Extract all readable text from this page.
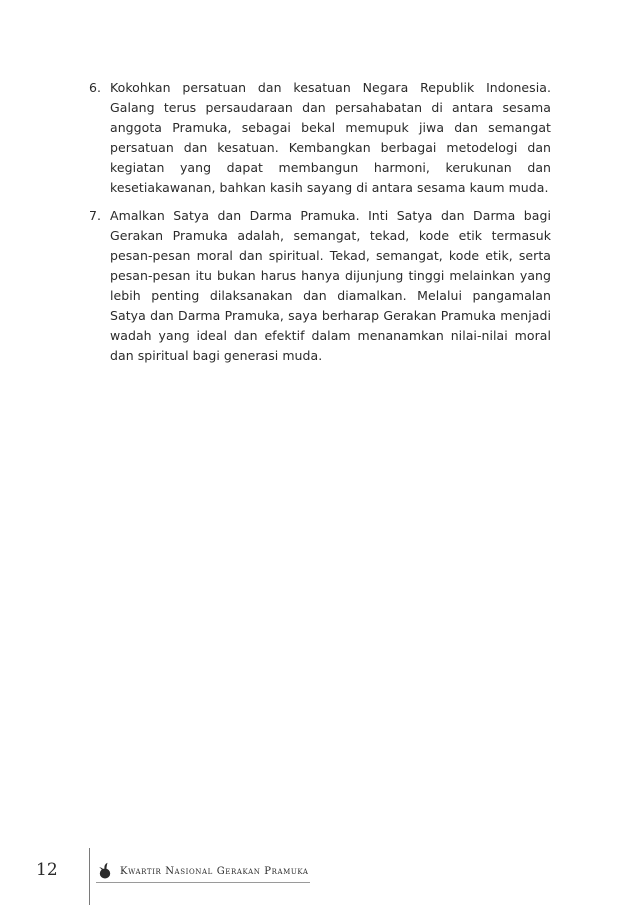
6. Kokohkan persatuan dan kesatuan Negara Republik Indonesia. Galang terus persaudaraan dan persahabatan di antara sesama anggota Pramuka, sebagai bekal memupuk jiwa dan semangat persatuan dan kesatuan. Kembangkan berbagai metodelogi dan kegiatan yang dapat membangun harmoni, kerukunan dan kesetiakawanan, bahkan kasih sayang di antara sesama kaum muda.
7. Amalkan Satya dan Darma Pramuka. Inti Satya dan Darma bagi Gerakan Pramuka adalah, semangat, tekad, kode etik termasuk pesan-pesan moral dan spiritual. Tekad, semangat, kode etik, serta pesan-pesan itu bukan harus hanya dijunjung tinggi melainkan yang lebih penting dilaksanakan dan diamalkan. Melalui pangamalan Satya dan Darma Pramuka, saya berharap Gerakan Pramuka menjadi wadah yang ideal dan efektif dalam menanamkan nilai-nilai moral dan spiritual bagi generasi muda.
12	Kwartir Nasional Gerakan Pramuka
